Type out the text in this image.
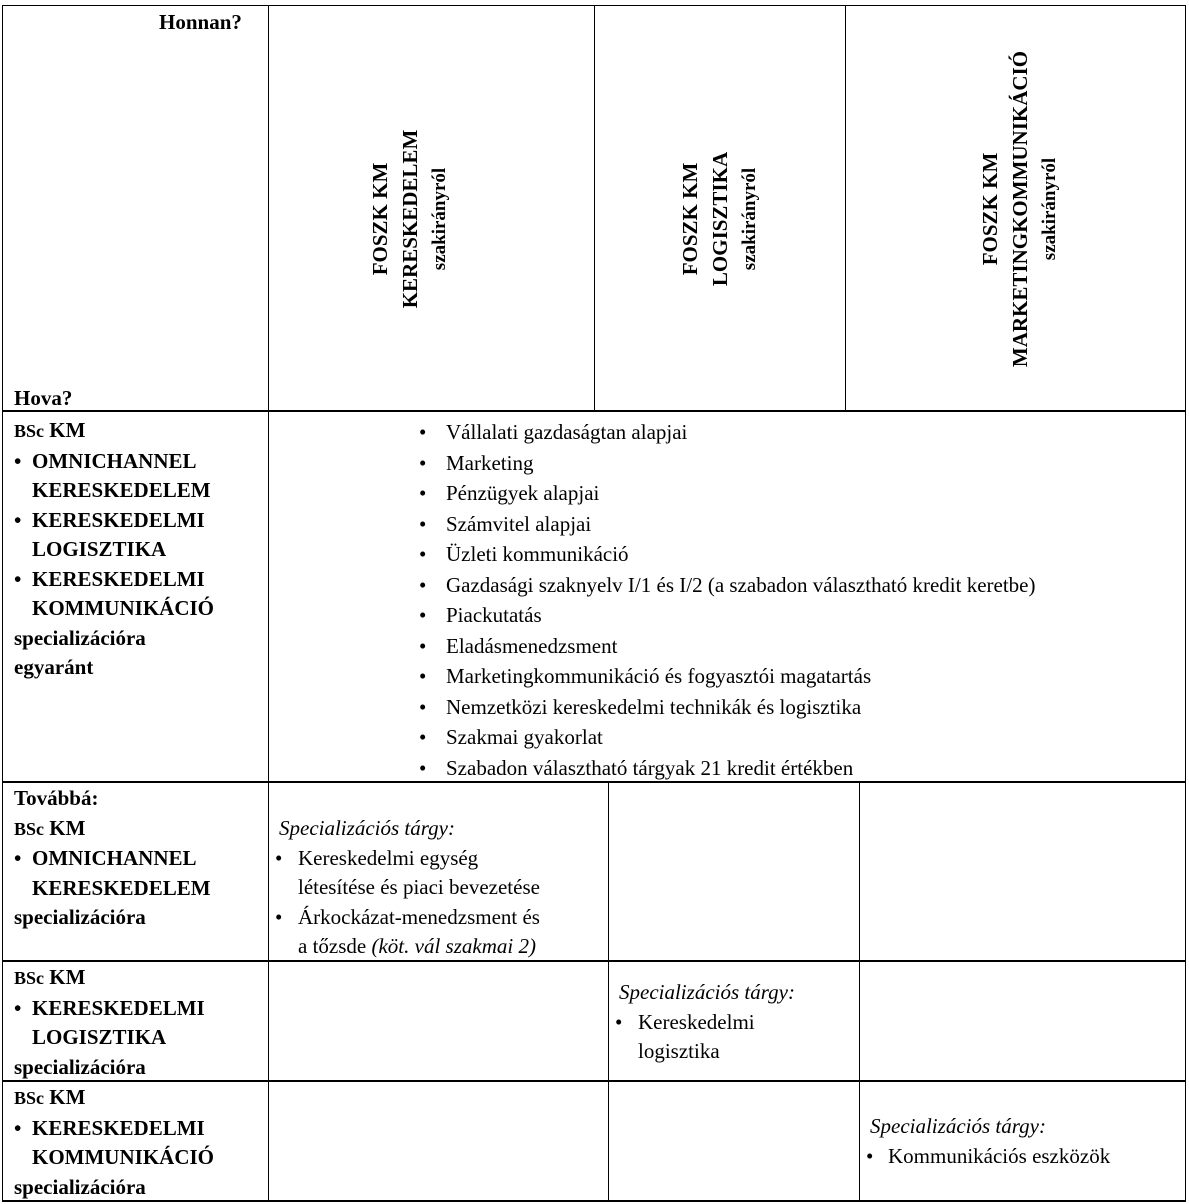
Honnan?
Hova?
FOSZK KM KERESKEDELEM szakirányról	FOSZK KM LOGISZTIKA szakirányról	FOSZK KM MARKETINGKOMMUNIKÁCIÓ szakirányról
BSc KM
• OMNICHANNEL
KERESKEDELEM
• KERESKEDELMI
LOGISZTIKA
• KERESKEDELMI
KOMMUNIKÁCIÓ
specializációra
egyaránt
• Vállalati gazdaságtan alapjai
• Marketing
• Pénzügyek alapjai
• Számvitel alapjai
• Üzleti kommunikáció
• Gazdasági szaknyelv I/1 és I/2 (a szabadon választható kredit keretbe)
• Piackutatás
• Eladásmenedzsment
• Marketingkommunikáció és fogyasztói magatartás
• Nemzetközi kereskedelmi technikák és logisztika
• Szakmai gyakorlat
• Szabadon választható tárgyak 21 kredit értékben
Továbbá:
BSc KM
• OMNICHANNEL
KERESKEDELEM
specializációra
Specializációs tárgy:
• Kereskedelmi egység
létesítése és piaci bevezetése
• Árkockázat-menedzsment és
a tőzsde (köt. vál szakmai 2)
BSc KM
• KERESKEDELMI
LOGISZTIKA
specializációra
Specializációs tárgy:
• Kereskedelmi
logisztika
BSc KM
• KERESKEDELMI
KOMMUNIKÁCIÓ
specializációra
Specializációs tárgy:
• Kommunikációs eszközök
